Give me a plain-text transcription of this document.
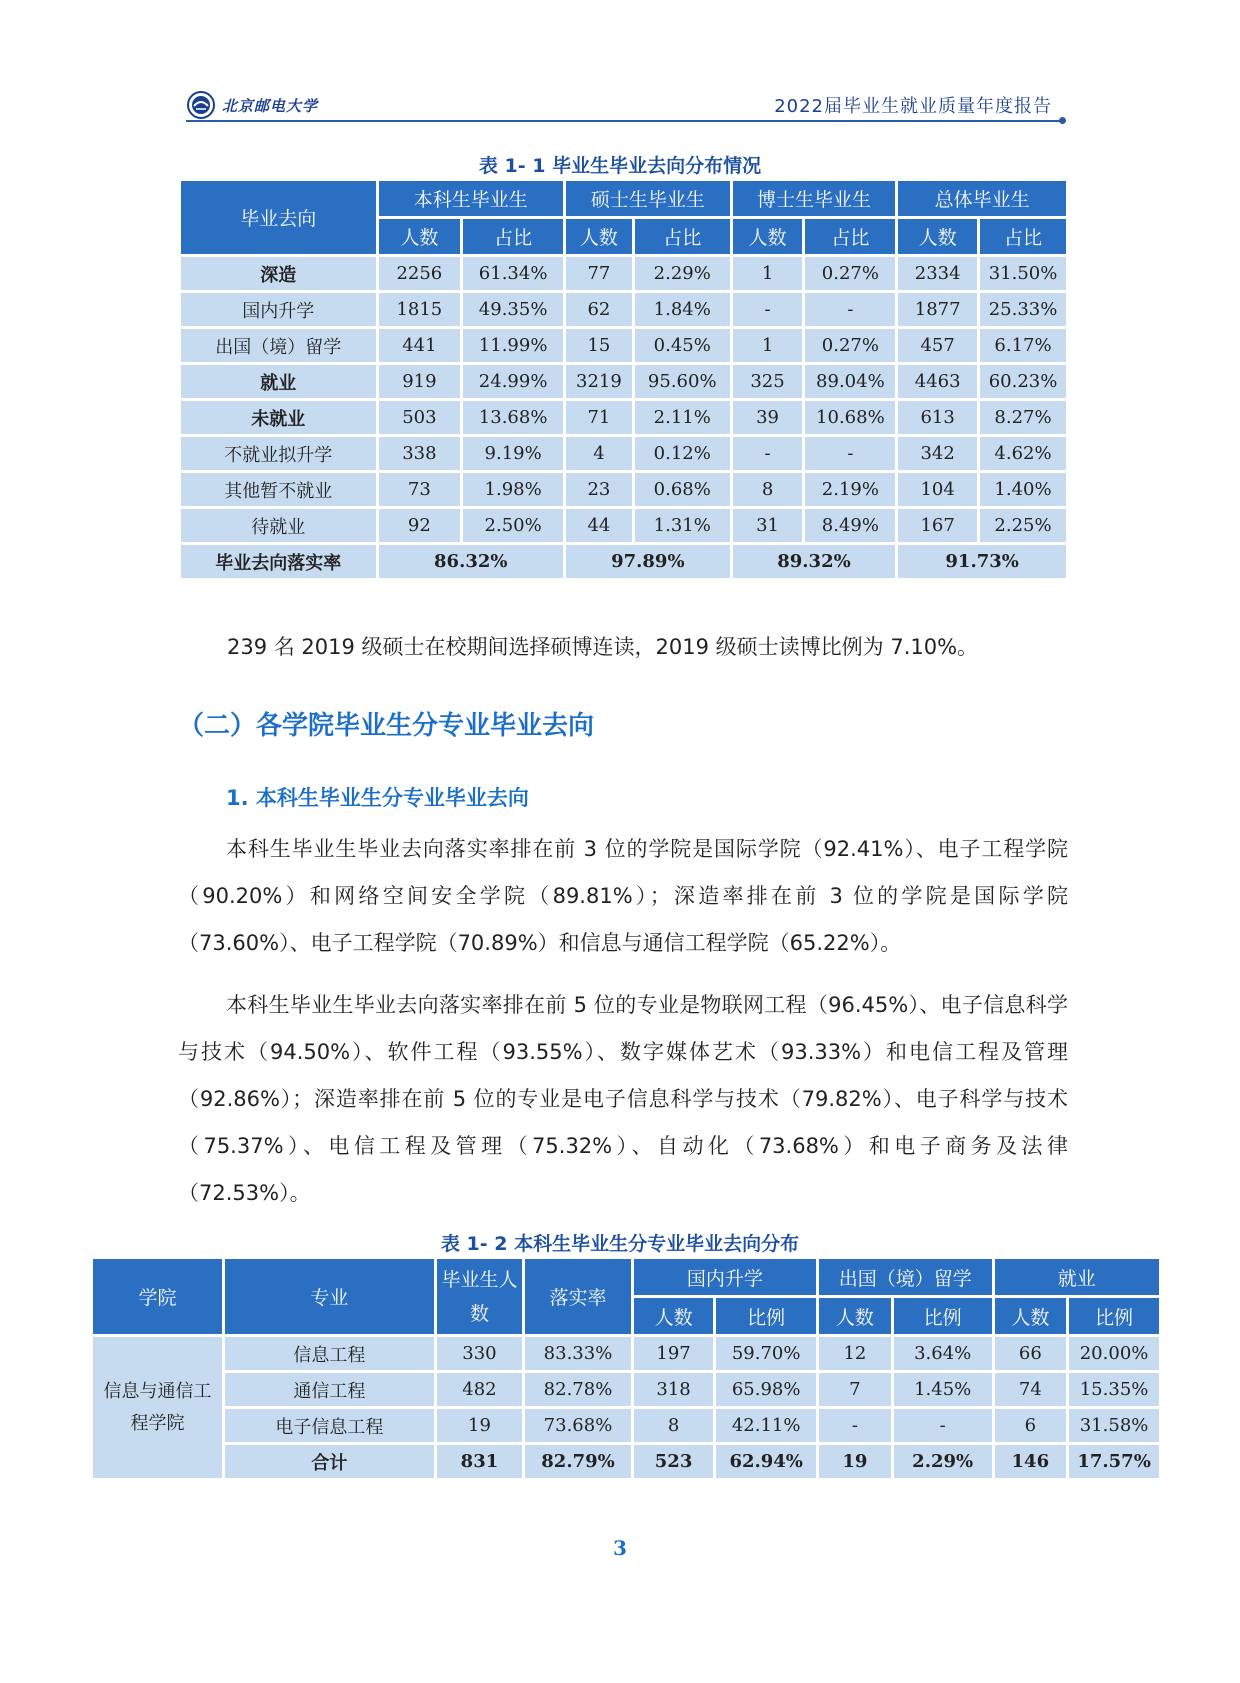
北京邮电大学	2022届毕业生就业质量年度报告
表 1- 1 毕业生毕业去向分布情况
毕业去向	本科生毕业生		硕士生毕业生		博士生毕业生		总体毕业生	
	人数	占比	人数	占比	人数	占比	人数	占比
深造	2256	61.34%	77	2.29%	1	0.27%	2334	31.50%
国内升学	1815	49.35%	62	1.84%	-	-	1877	25.33%
出国（境）留学	441	11.99%	15	0.45%	1	0.27%	457	6.17%
就业	919	24.99%	3219	95.60%	325	89.04%	4463	60.23%
未就业	503	13.68%	71	2.11%	39	10.68%	613	8.27%
不就业拟升学	338	9.19%	4	0.12%	-	-	342	4.62%
其他暂不就业	73	1.98%	23	0.68%	8	2.19%	104	1.40%
待就业	92	2.50%	44	1.31%	31	8.49%	167	2.25%
毕业去向落实率	86.32%		97.89%		89.32%		91.73%	
239 名 2019 级硕士在校期间选择硕博连读，2019 级硕士读博比例为 7.10%。
（二）各学院毕业生分专业毕业去向
1. 本科生毕业生分专业毕业去向
本科生毕业生毕业去向落实率排在前 3 位的学院是国际学院（92.41%）、电子工程学院（90.20%）和网络空间安全学院（89.81%）；深造率排在前 3 位的学院是国际学院（73.60%）、电子工程学院（70.89%）和信息与通信工程学院（65.22%）。
本科生毕业生毕业去向落实率排在前 5 位的专业是物联网工程（96.45%）、电子信息科学与技术（94.50%）、软件工程（93.55%）、数字媒体艺术（93.33%）和电信工程及管理（92.86%）；深造率排在前 5 位的专业是电子信息科学与技术（79.82%）、电子科学与技术（75.37%）、电信工程及管理（75.32%）、自动化（73.68%）和电子商务及法律（72.53%）。
表 1- 2 本科生毕业生分专业毕业去向分布
学院	专业	毕业生人数	落实率	国内升学		出国（境）留学		就业	
				人数	比例	人数	比例	人数	比例
信息与通信工程学院	信息工程	330	83.33%	197	59.70%	12	3.64%	66	20.00%
	通信工程	482	82.78%	318	65.98%	7	1.45%	74	15.35%
	电子信息工程	19	73.68%	8	42.11%	-	-	6	31.58%
	合计	831	82.79%	523	62.94%	19	2.29%	146	17.57%
3
